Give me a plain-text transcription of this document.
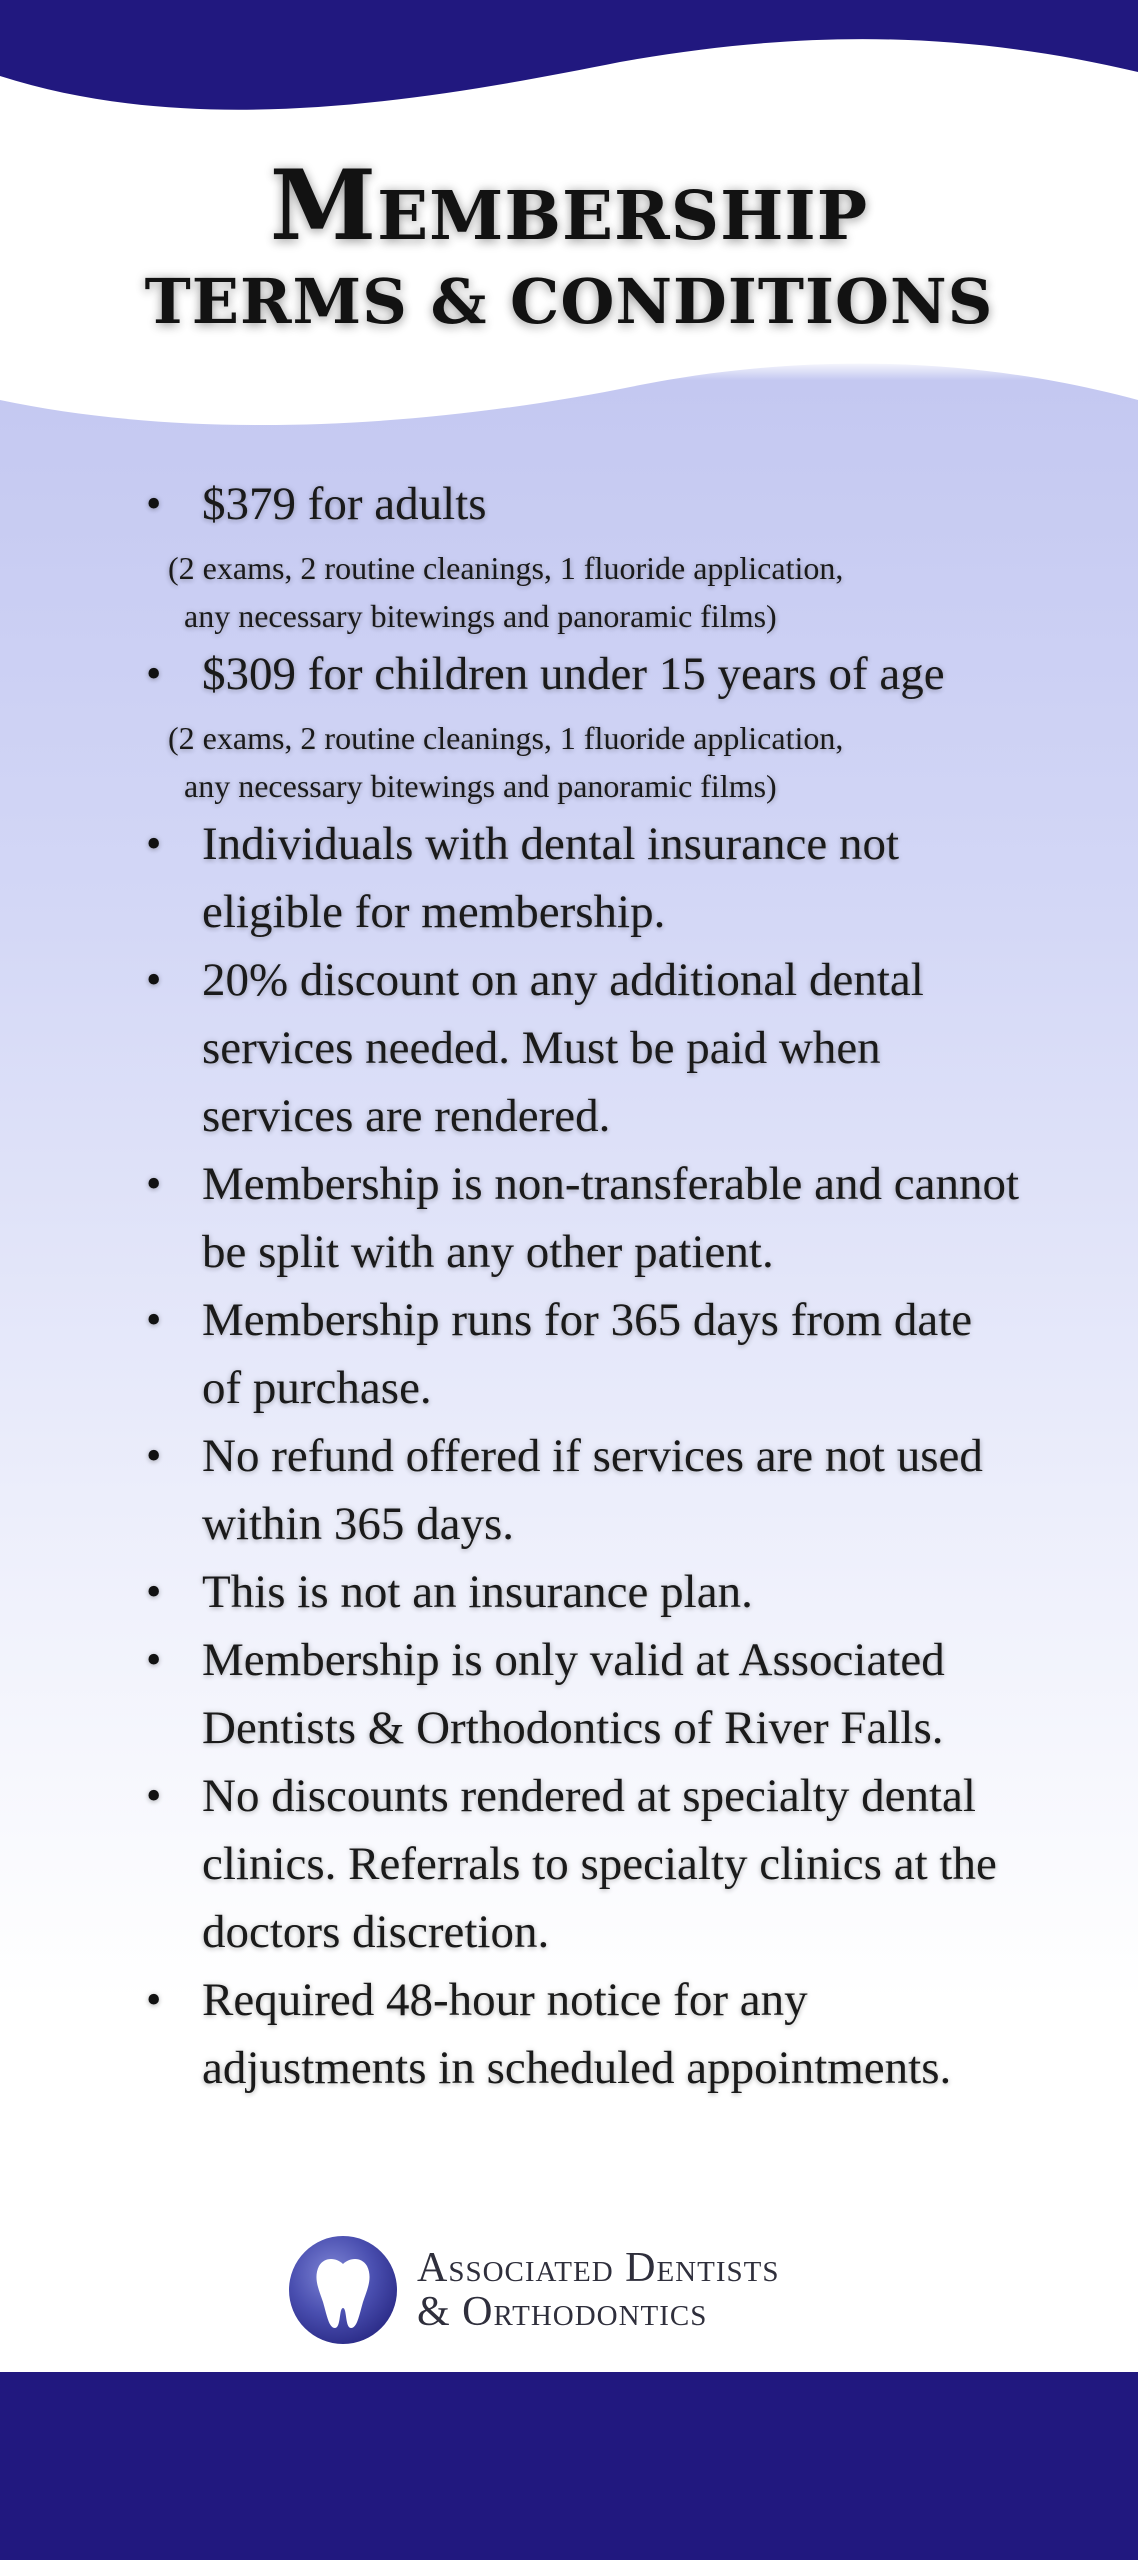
Membership
TERMS & CONDITIONS
• $379 for adults
(2 exams, 2 routine cleanings, 1 fluoride application,
any necessary bitewings and panoramic films)
• $309 for children under 15 years of age
(2 exams, 2 routine cleanings, 1 fluoride application,
any necessary bitewings and panoramic films)
• Individuals with dental insurance not eligible for membership.
• 20% discount on any additional dental services needed. Must be paid when services are rendered.
• Membership is non-transferable and cannot be split with any other patient.
• Membership runs for 365 days from date of purchase.
• No refund offered if services are not used within 365 days.
• This is not an insurance plan.
• Membership is only valid at Associated Dentists & Orthodontics of River Falls.
• No discounts rendered at specialty dental clinics. Referrals to specialty clinics at the doctors discretion.
• Required 48-hour notice for any adjustments in scheduled appointments.
Associated Dentists
& Orthodontics
